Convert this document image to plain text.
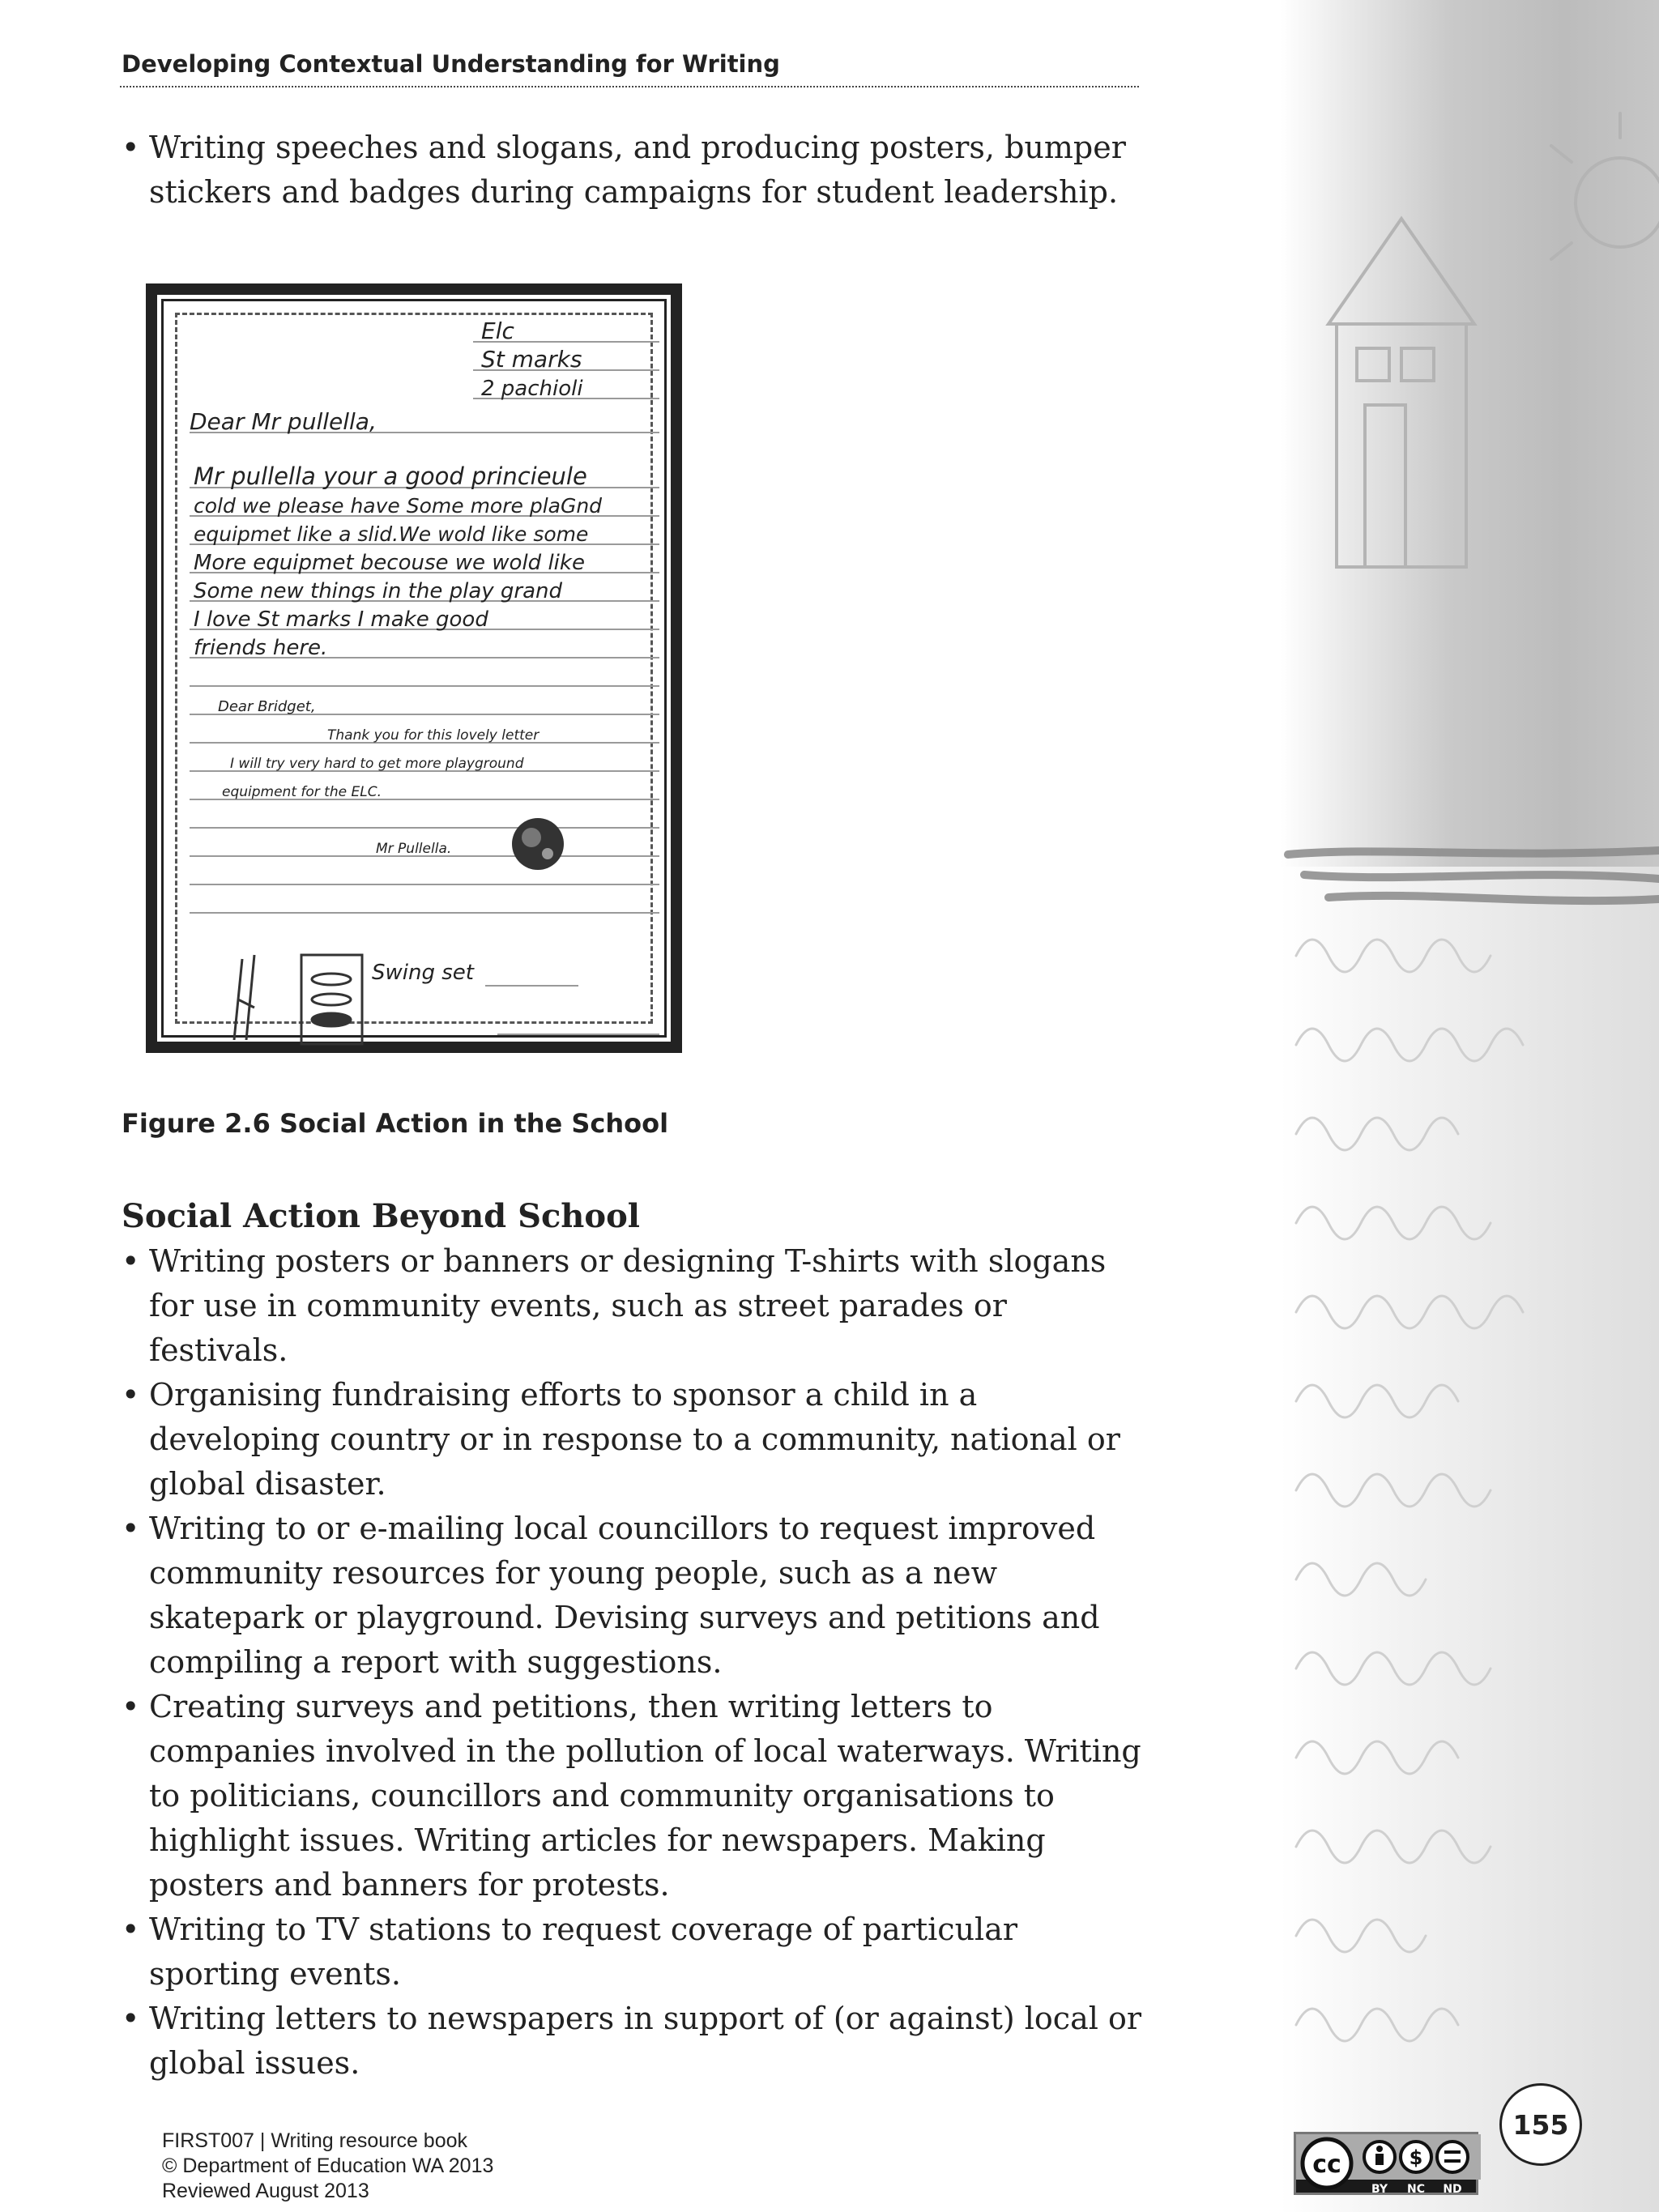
Developing Contextual Understanding for Writing
• Writing speeches and slogans, and producing posters, bumper stickers and badges during campaigns for student leadership.
Elc
St marks
2 pachioli
Dear Mr pullella,
Mr pullella your a good princieule
cold we please have Some more plaGnd
equipmet like a slid.We wold like some
More equipmet becouse we wold like
Some new things in the play grand
I love St marks I make good
friends here.
Dear Bridget,
Thank you for this lovely letter
I will try very hard to get more playground
equipment for the ELC.
Mr Pullella.
Swing set
Figure 2.6 Social Action in the School
Social Action Beyond School
• Writing posters or banners or designing T-shirts with slogans for use in community events, such as street parades or festivals.
• Organising fundraising efforts to sponsor a child in a developing country or in response to a community, national or global disaster.
• Writing to or e-mailing local councillors to request improved community resources for young people, such as a new skatepark or playground. Devising surveys and petitions and compiling a report with suggestions.
• Creating surveys and petitions, then writing letters to companies involved in the pollution of local waterways. Writing to politicians, councillors and community organisations to highlight issues. Writing articles for newspapers. Making posters and banners for protests.
• Writing to TV stations to request coverage of particular sporting events.
• Writing letters to newspapers in support of (or against) local or global issues.
FIRST007 | Writing resource book
© Department of Education WA 2013
Reviewed August 2013
cc	$
BY NC ND
155
